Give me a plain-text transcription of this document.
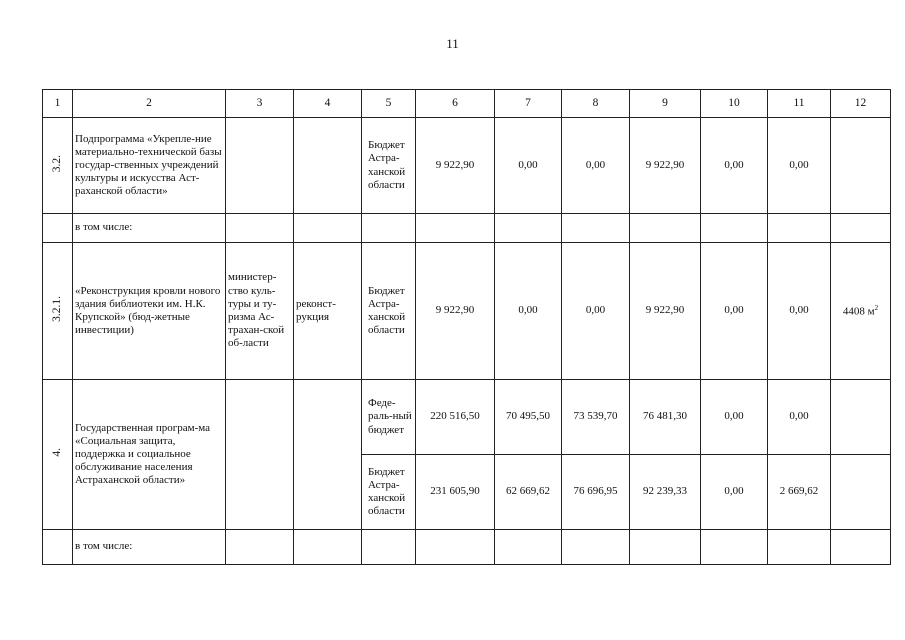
11
1	2	3	4	5	6	7	8	9	10	11	12
3.2.	Подпрограмма «Укрепле-ние материально-технической базы государ-ственных учреждений культуры и искусства Аст-раханской области»			Бюджет Астра-ханской области	9 922,90	0,00	0,00	9 922,90	0,00	0,00	
	в том числе:										
3.2.1.	«Реконструкция кровли нового здания библиотеки им. Н.К. Крупской» (бюд-жетные инвестиции)	министер-ство куль-туры и ту-ризма Ас-трахан-ской об-ласти	реконст-рукция	Бюджет Астра-ханской области	9 922,90	0,00	0,00	9 922,90	0,00	0,00	4408 $м^2$
4.	Государственная програм-ма «Социальная защита, поддержка и социальное обслуживание населения Астраханской области»			Феде-раль-ный бюджет	220 516,50	70 495,50	73 539,70	76 481,30	0,00	0,00	
				Бюджет Астра-ханской области	231 605,90	62 669,62	76 696,95	92 239,33	0,00	2 669,62	
	в том числе:										
